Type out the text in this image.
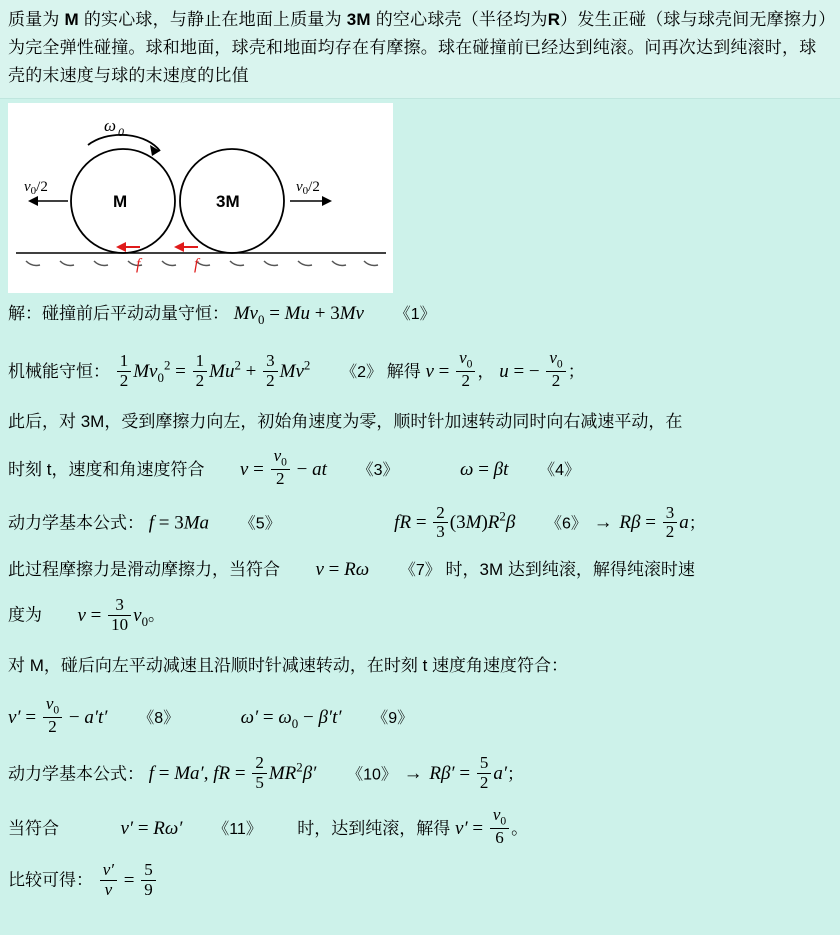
质量为 M 的实心球，与静止在地面上质量为 3M 的空心球壳（半径均为R）发生正碰（球与球壳间无摩擦力）为完全弹性碰撞。球和地面，球壳和地面均存在有摩擦。球在碰撞前已经达到纯滚。问再次达到纯滚时，球壳的末速度与球的末速度的比值
ω 0
$v_0/2$	$v_0/2$
M	3M
f	f
解：碰撞前后平动动量守恒： $Mv_0 = Mu + 3Mv$ 《1》
机械能守恒： $\frac{1}{2} Mv_0^2 = \frac{1}{2} Mu^2 + \frac{3}{2} Mv^2$ 《2》 解得 $v = \frac{v_0}{2}$ ， u = − $\frac{v_0}{2}$ ；
此后，对 3M，受到摩擦力向左，初始角速度为零，顺时针加速转动同时向右减速平动，在
时刻 t，速度和角速度符合 $v = \frac{v_0}{2}$ − at 《3》	ω = βt 《4》
动力学基本公式： f = 3Ma 《5》	fR = $\frac{2}{3} (3M)R^2\beta$ 《6》 → $R\beta = \frac{3}{2}$ a；
此过程摩擦力是滑动摩擦力，当符合 v = Rω 《7》 时，3M 达到纯滚，解得纯滚时速
度为 $v = \frac{3}{10} v_0$。
对 M，碰后向左平动减速且沿顺时针减速转动，在时刻 t 速度角速度符合：
$v' = \frac{v_0}{2} - a't'$ 《8》	$\omega' = \omega_0 - \beta't'$ 《9》
动力学基本公式： f = Ma′, fR = $\frac{2}{5} MR^2\beta'$ 《10》 → $R\beta' = \frac{5}{2} a'$；
当符合	v′ = Rω′ 《11》 时，达到纯滚，解得 $v' = \frac{v_0}{6}$ 。
比较可得： $\frac{v'}{v} = \frac{5}{9}$
